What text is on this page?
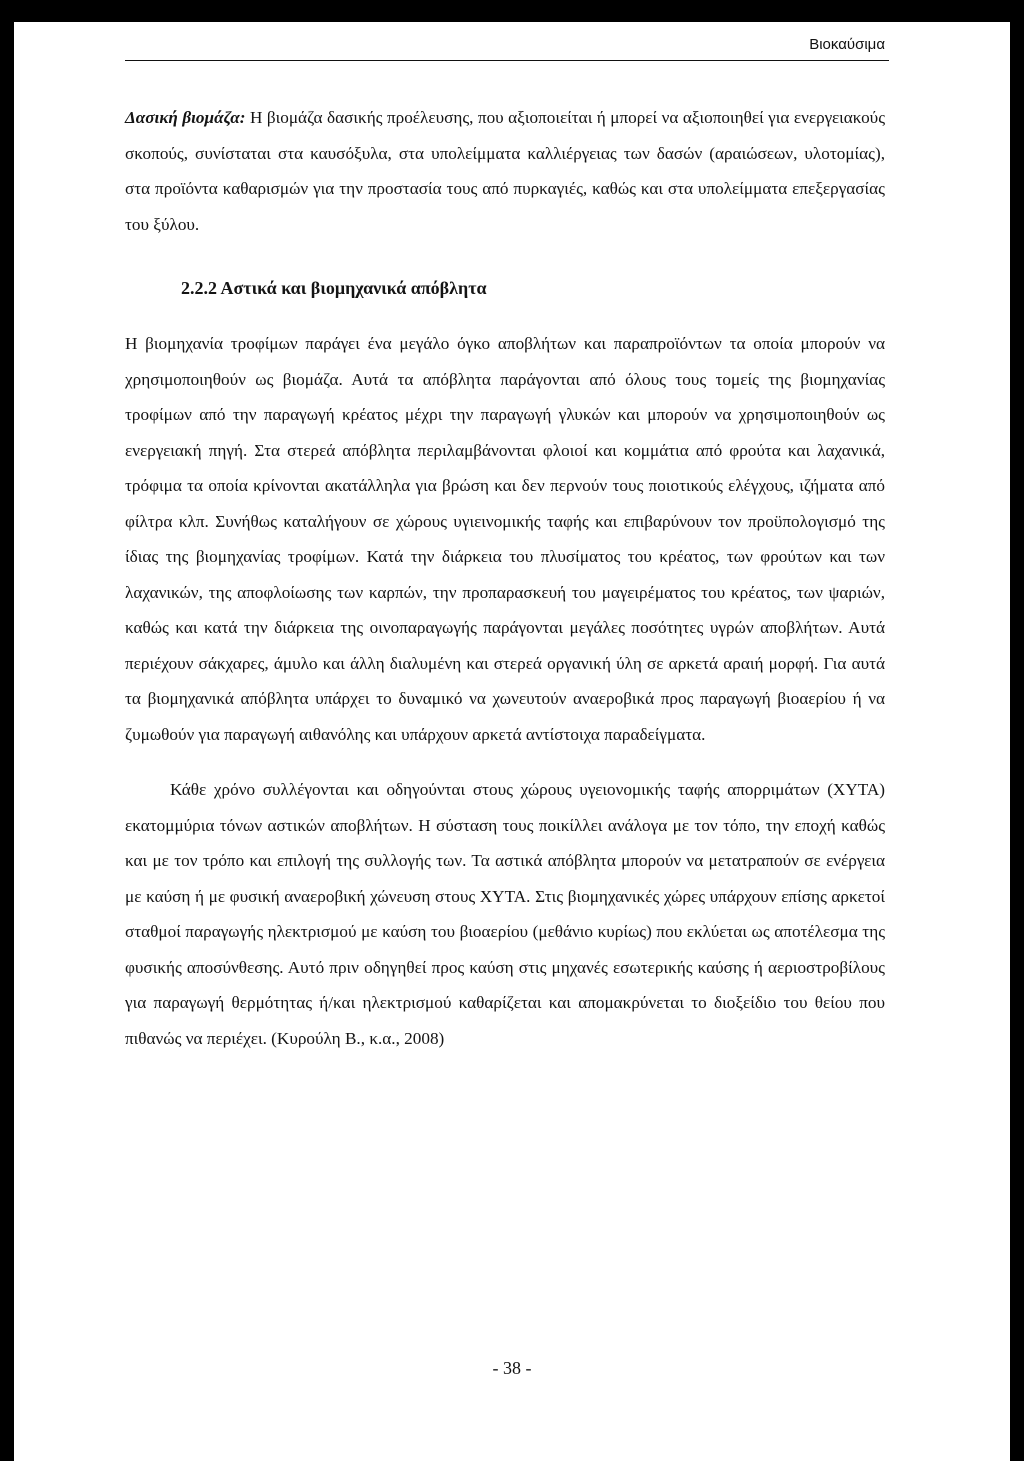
Βιοκαύσιμα

Δασική βιομάζα: Η βιομάζα δασικής προέλευσης, που αξιοποιείται ή μπορεί να αξιοποιηθεί για ενεργειακούς σκοπούς, συνίσταται στα καυσόξυλα, στα υπολείμματα καλλιέργειας των δασών (αραιώσεων, υλοτομίας), στα προϊόντα καθαρισμών για την προστασία τους από πυρκαγιές, καθώς και στα υπολείμματα επεξεργασίας του ξύλου.

2.2.2 Αστικά και βιομηχανικά απόβλητα

Η βιομηχανία τροφίμων παράγει ένα μεγάλο όγκο αποβλήτων και παραπροϊόντων τα οποία μπορούν να χρησιμοποιηθούν ως βιομάζα. Αυτά τα απόβλητα παράγονται από όλους τους τομείς της βιομηχανίας τροφίμων από την παραγωγή κρέατος μέχρι την παραγωγή γλυκών και μπορούν να χρησιμοποιηθούν ως ενεργειακή πηγή. Στα στερεά απόβλητα περιλαμβάνονται φλοιοί και κομμάτια από φρούτα και λαχανικά, τρόφιμα τα οποία κρίνονται ακατάλληλα για βρώση και δεν περνούν τους ποιοτικούς ελέγχους, ιζήματα από φίλτρα κλπ. Συνήθως καταλήγουν σε χώρους υγιεινομικής ταφής και επιβαρύνουν τον προϋπολογισμό της ίδιας της βιομηχανίας τροφίμων. Κατά την διάρκεια του πλυσίματος του κρέατος, των φρούτων και των λαχανικών, της αποφλοίωσης των καρπών, την προπαρασκευή του μαγειρέματος του κρέατος, των ψαριών, καθώς και κατά την διάρκεια της οινοπαραγωγής παράγονται μεγάλες ποσότητες υγρών αποβλήτων. Αυτά περιέχουν σάκχαρες, άμυλο και άλλη διαλυμένη και στερεά οργανική ύλη σε αρκετά αραιή μορφή. Για αυτά τα βιομηχανικά απόβλητα υπάρχει το δυναμικό να χωνευτούν αναεροβικά προς παραγωγή βιοαερίου ή να ζυμωθούν για παραγωγή αιθανόλης και υπάρχουν αρκετά αντίστοιχα παραδείγματα.

Κάθε χρόνο συλλέγονται και οδηγούνται στους χώρους υγειονομικής ταφής απορριμάτων (ΧΥΤΑ) εκατομμύρια τόνων αστικών αποβλήτων. Η σύσταση τους ποικίλλει ανάλογα με τον τόπο, την εποχή καθώς και με τον τρόπο και επιλογή της συλλογής των. Τα αστικά απόβλητα μπορούν να μετατραπούν σε ενέργεια με καύση ή με φυσική αναεροβική χώνευση στους ΧΥΤΑ. Στις βιομηχανικές χώρες υπάρχουν επίσης αρκετοί σταθμοί παραγωγής ηλεκτρισμού με καύση του βιοαερίου (μεθάνιο κυρίως) που εκλύεται ως αποτέλεσμα της φυσικής αποσύνθεσης. Αυτό πριν οδηγηθεί προς καύση στις μηχανές εσωτερικής καύσης ή αεριοστροβίλους για παραγωγή θερμότητας ή/και ηλεκτρισμού καθαρίζεται και απομακρύνεται το διοξείδιο του θείου που πιθανώς να περιέχει. (Κυρούλη Β., κ.α., 2008)

- 38 -
